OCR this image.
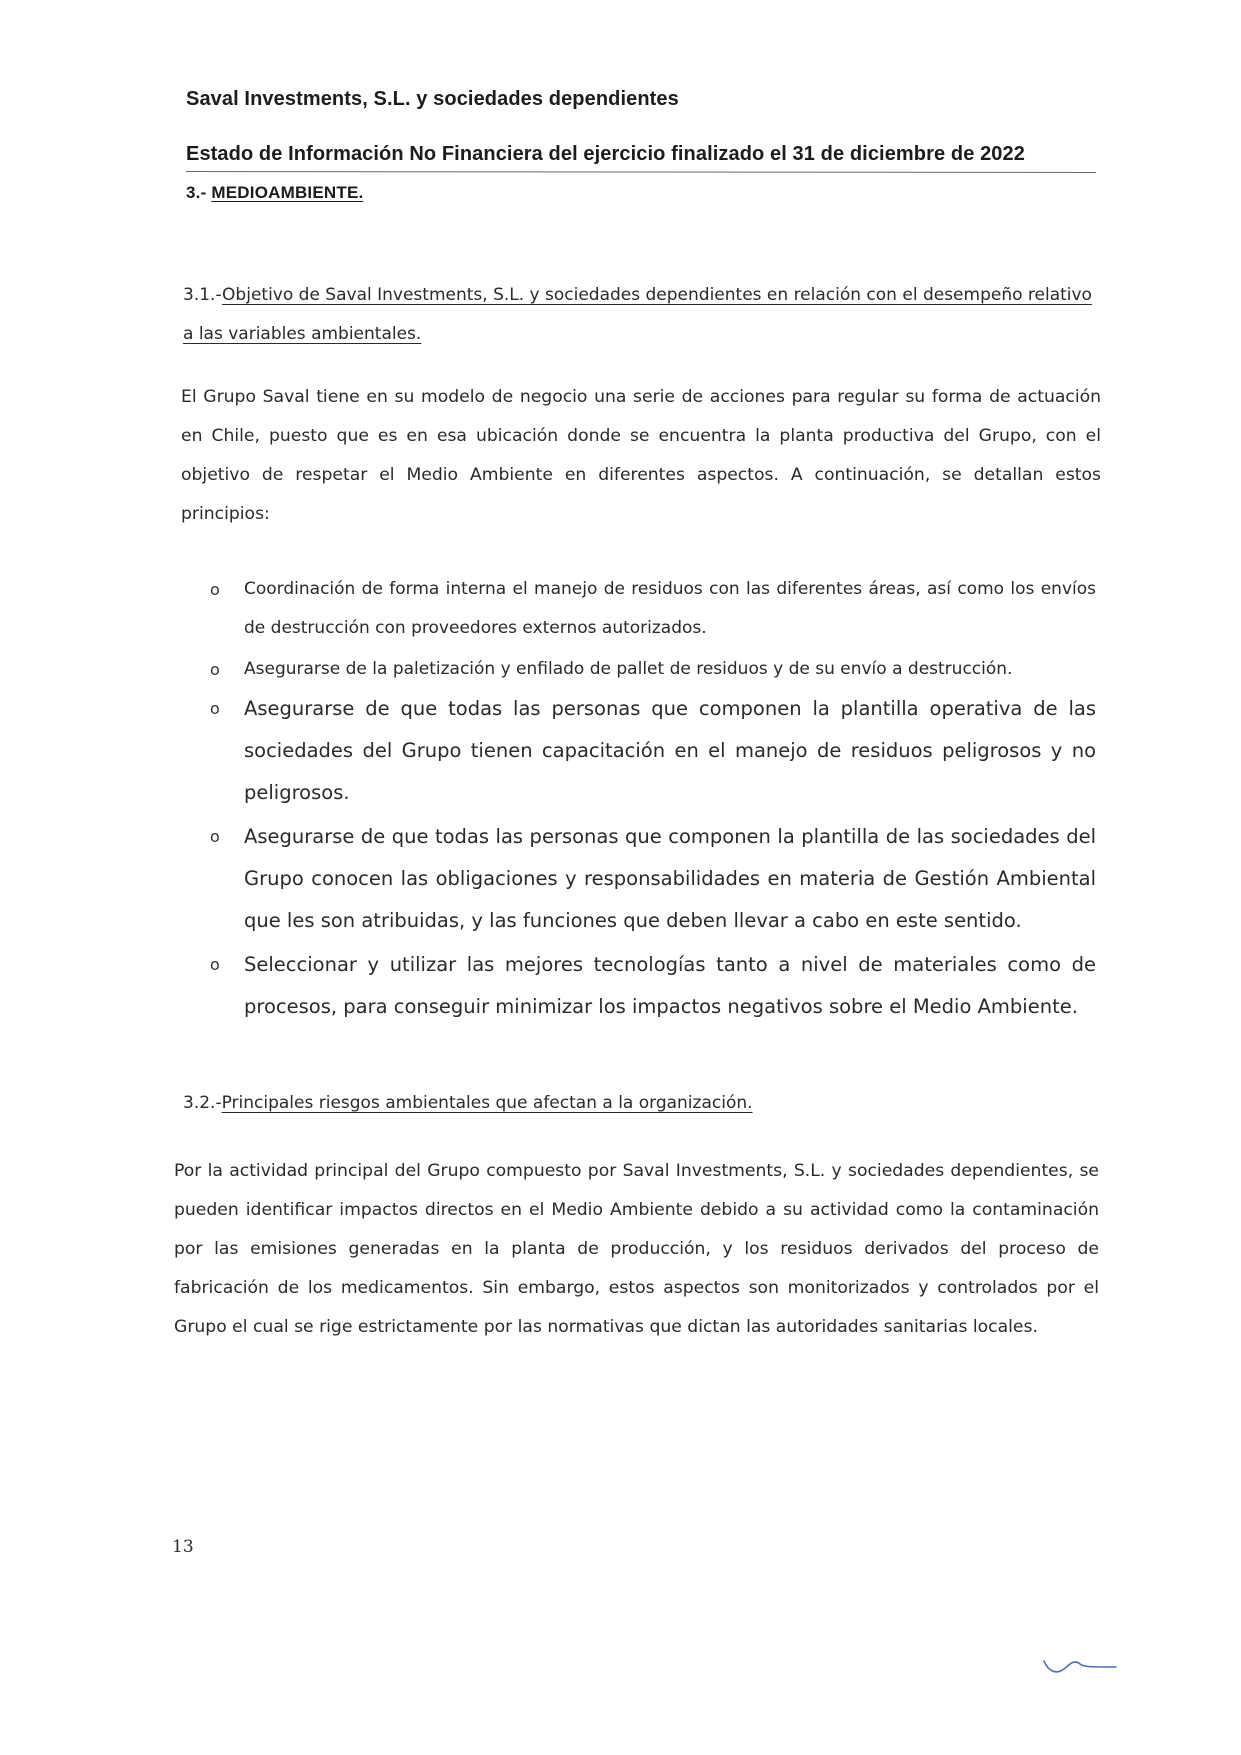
Saval Investments, S.L. y sociedades dependientes
Estado de Información No Financiera del ejercicio finalizado el 31 de diciembre de 2022
3.- MEDIOAMBIENTE.
3.1.-Objetivo de Saval Investments, S.L. y sociedades dependientes en relación con el desempeño relativo a las variables ambientales.

El Grupo Saval tiene en su modelo de negocio una serie de acciones para regular su forma de actuación en Chile, puesto que es en esa ubicación donde se encuentra la planta productiva del Grupo, con el objetivo de respetar el Medio Ambiente en diferentes aspectos. A continuación, se detallan estos principios:

o Coordinación de forma interna el manejo de residuos con las diferentes áreas, así como los envíos de destrucción con proveedores externos autorizados.
o Asegurarse de la paletización y enfilado de pallet de residuos y de su envío a destrucción.
o Asegurarse de que todas las personas que componen la plantilla operativa de las sociedades del Grupo tienen capacitación en el manejo de residuos peligrosos y no peligrosos.
o Asegurarse de que todas las personas que componen la plantilla de las sociedades del Grupo conocen las obligaciones y responsabilidades en materia de Gestión Ambiental que les son atribuidas, y las funciones que deben llevar a cabo en este sentido.
o Seleccionar y utilizar las mejores tecnologías tanto a nivel de materiales como de procesos, para conseguir minimizar los impactos negativos sobre el Medio Ambiente.
3.2.-Principales riesgos ambientales que afectan a la organización.

Por la actividad principal del Grupo compuesto por Saval Investments, S.L. y sociedades dependientes, se pueden identificar impactos directos en el Medio Ambiente debido a su actividad como la contaminación por las emisiones generadas en la planta de producción, y los residuos derivados del proceso de fabricación de los medicamentos. Sin embargo, estos aspectos son monitorizados y controlados por el Grupo el cual se rige estrictamente por las normativas que dictan las autoridades sanitarias locales.

13
